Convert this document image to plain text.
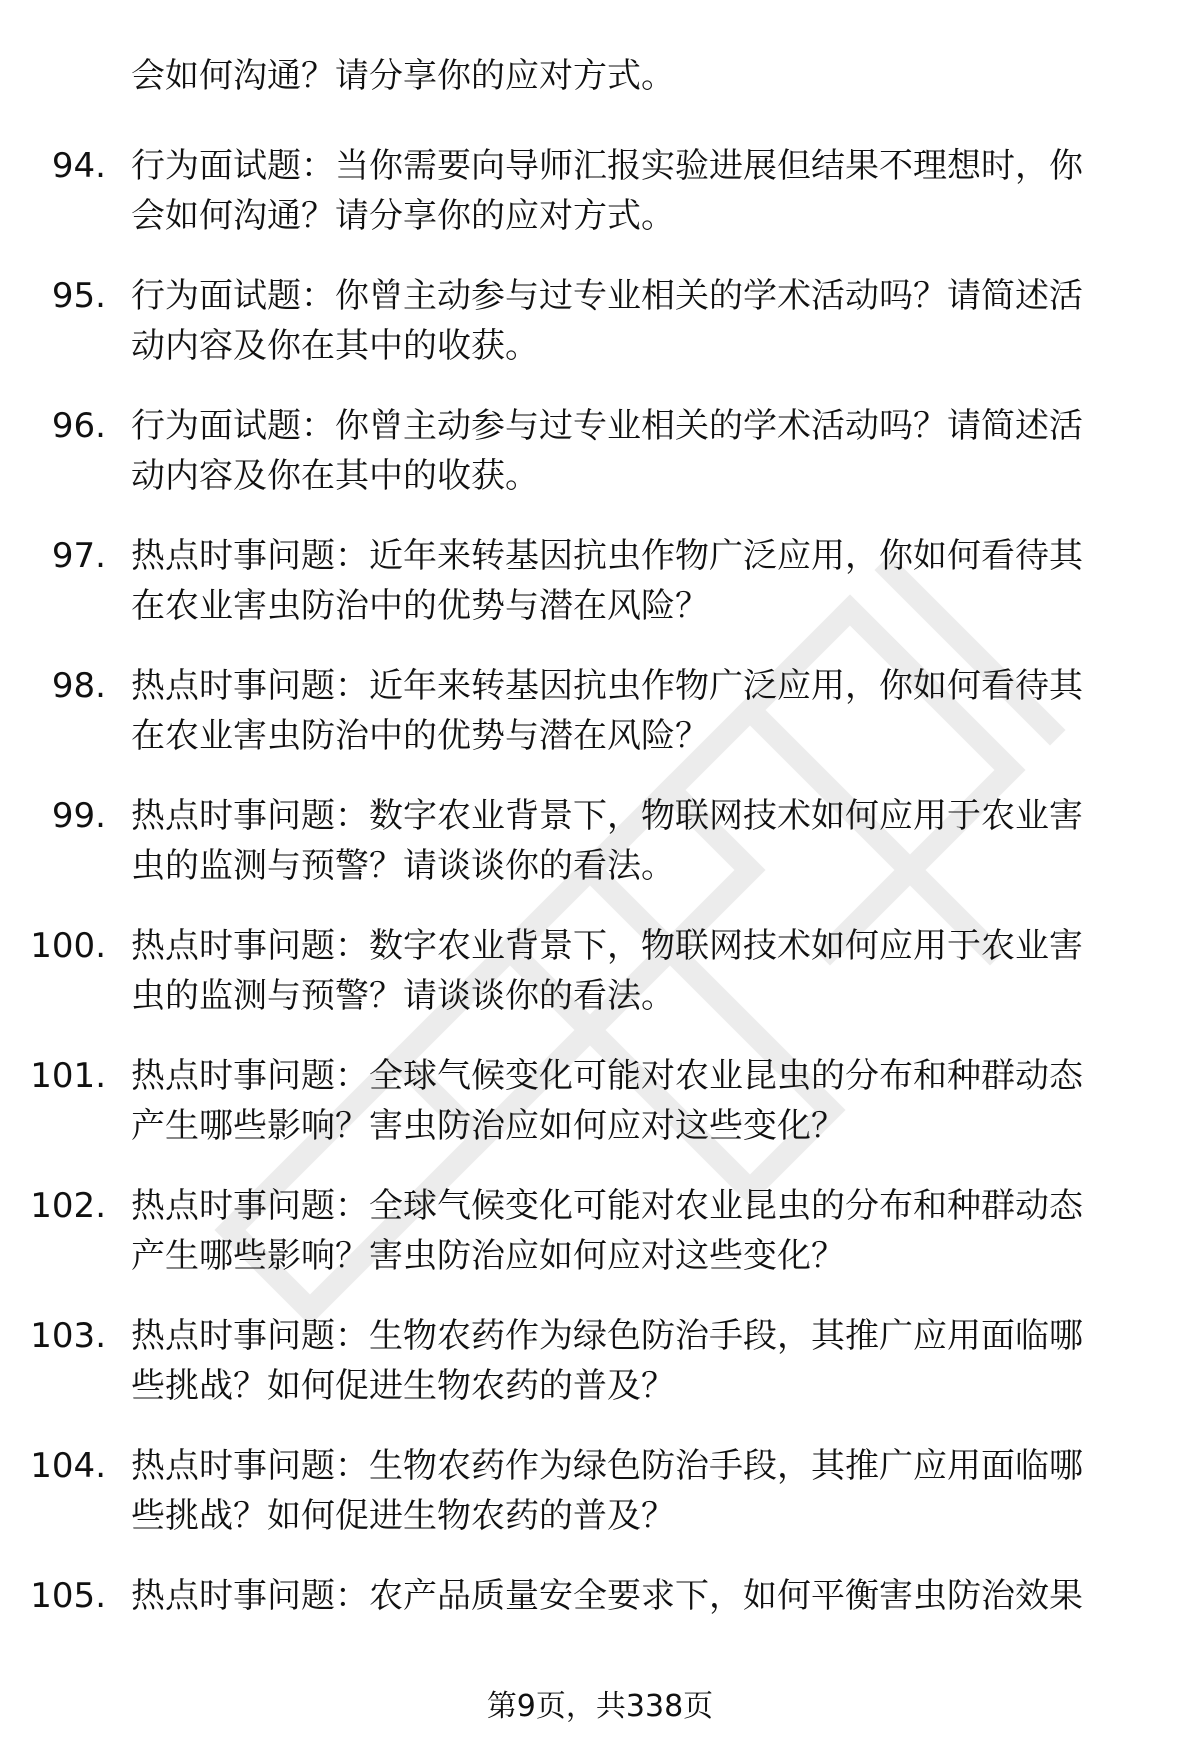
会如何沟通？请分享你的应对方式。
94. 行为面试题：当你需要向导师汇报实验进展但结果不理想时，你
会如何沟通？请分享你的应对方式。
95. 行为面试题：你曾主动参与过专业相关的学术活动吗？请简述活
动内容及你在其中的收获。
96. 行为面试题：你曾主动参与过专业相关的学术活动吗？请简述活
动内容及你在其中的收获。
97. 热点时事问题：近年来转基因抗虫作物广泛应用，你如何看待其
在农业害虫防治中的优势与潜在风险？
98. 热点时事问题：近年来转基因抗虫作物广泛应用，你如何看待其
在农业害虫防治中的优势与潜在风险？
99. 热点时事问题：数字农业背景下，物联网技术如何应用于农业害
虫的监测与预警？请谈谈你的看法。
100. 热点时事问题：数字农业背景下，物联网技术如何应用于农业害
虫的监测与预警？请谈谈你的看法。
101. 热点时事问题：全球气候变化可能对农业昆虫的分布和种群动态
产生哪些影响？害虫防治应如何应对这些变化？
102. 热点时事问题：全球气候变化可能对农业昆虫的分布和种群动态
产生哪些影响？害虫防治应如何应对这些变化？
103. 热点时事问题：生物农药作为绿色防治手段，其推广应用面临哪
些挑战？如何促进生物农药的普及？
104. 热点时事问题：生物农药作为绿色防治手段，其推广应用面临哪
些挑战？如何促进生物农药的普及？
105. 热点时事问题：农产品质量安全要求下，如何平衡害虫防治效果
第9页，共338页
